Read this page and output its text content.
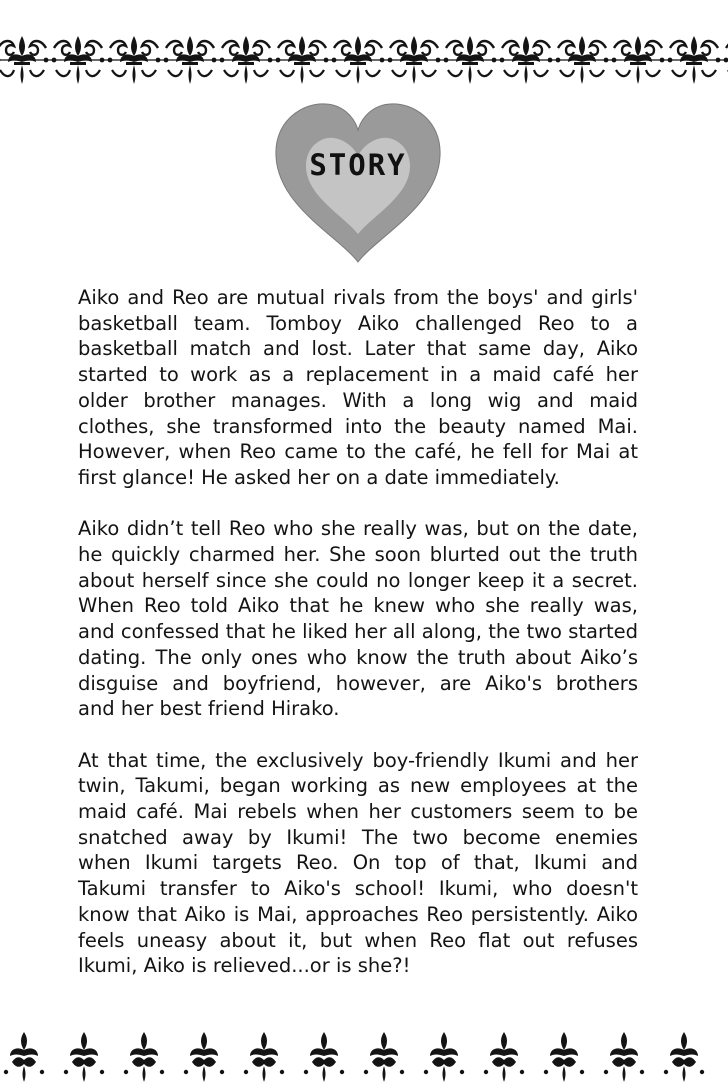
STORY

Aiko and Reo are mutual rivals from the boys' and girls'
basketball team. Tomboy Aiko challenged Reo to a
basketball match and lost. Later that same day, Aiko
started to work as a replacement in a maid café her
older brother manages. With a long wig and maid
clothes, she transformed into the beauty named Mai.
However, when Reo came to the café, he fell for Mai at
first glance! He asked her on a date immediately.

Aiko didn’t tell Reo who she really was, but on the date,
he quickly charmed her. She soon blurted out the truth
about herself since she could no longer keep it a secret.
When Reo told Aiko that he knew who she really was,
and confessed that he liked her all along, the two started
dating. The only ones who know the truth about Aiko’s
disguise and boyfriend, however, are Aiko's brothers
and her best friend Hirako.

At that time, the exclusively boy-friendly Ikumi and her
twin, Takumi, began working as new employees at the
maid café. Mai rebels when her customers seem to be
snatched away by Ikumi! The two become enemies
when Ikumi targets Reo. On top of that, Ikumi and
Takumi transfer to Aiko's school! Ikumi, who doesn't
know that Aiko is Mai, approaches Reo persistently. Aiko
feels uneasy about it, but when Reo flat out refuses
Ikumi, Aiko is relieved...or is she?!
